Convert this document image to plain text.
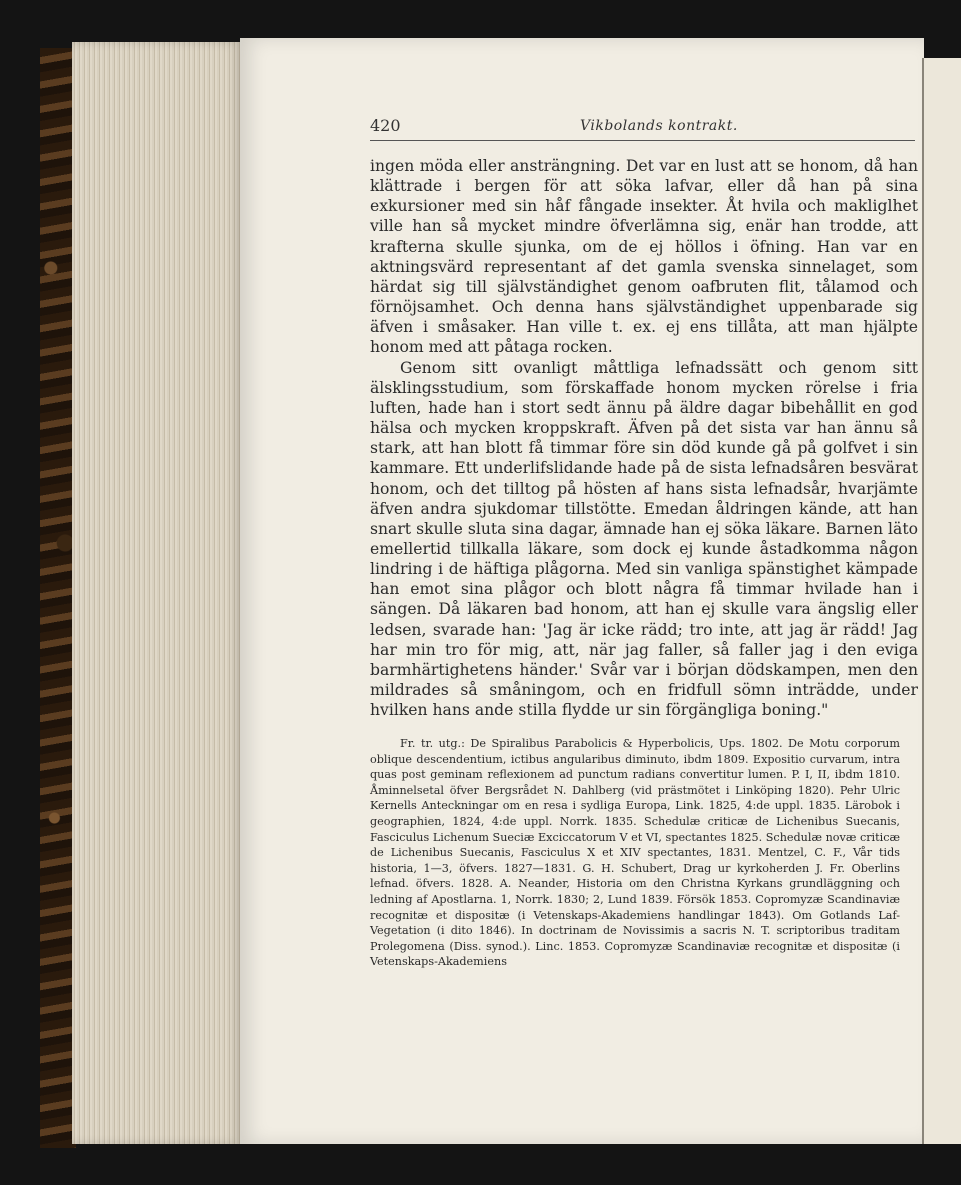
420	Vikbolands kontrakt.

ingen möda eller ansträngning. Det var en lust att se honom, då han klättrade i bergen för att söka lafvar, eller då han på sina exkursioner med sin håf fångade insekter. Åt hvila och makliglhet ville han så mycket mindre öfverlämna sig, enär han trodde, att krafterna skulle sjunka, om de ej höllos i öfning. Han var en aktningsvärd representant af det gamla svenska sinnelaget, som härdat sig till självständighet genom oafbruten flit, tålamod och förnöjsamhet. Och denna hans självständighet uppenbarade sig äfven i småsaker. Han ville t. ex. ej ens tillåta, att man hjälpte honom med att påtaga rocken.

Genom sitt ovanligt måttliga lefnadssätt och genom sitt älsklingsstudium, som förskaffade honom mycken rörelse i fria luften, hade han i stort sedt ännu på äldre dagar bibehållit en god hälsa och mycken kroppskraft. Äfven på det sista var han ännu så stark, att han blott få timmar före sin död kunde gå på golfvet i sin kammare. Ett underlifslidande hade på de sista lefnadsåren besvärat honom, och det tilltog på hösten af hans sista lefnadsår, hvarjämte äfven andra sjukdomar tillstötte. Emedan åldringen kände, att han snart skulle sluta sina dagar, ämnade han ej söka läkare. Barnen läto emellertid tillkalla läkare, som dock ej kunde åstadkomma någon lindring i de häftiga plågorna. Med sin vanliga spänstighet kämpade han emot sina plågor och blott några få timmar hvilade han i sängen. Då läkaren bad honom, att han ej skulle vara ängslig eller ledsen, svarade han: 'Jag är icke rädd; tro inte, att jag är rädd! Jag har min tro för mig, att, när jag faller, så faller jag i den eviga barmhärtighetens händer.' Svår var i början dödskampen, men den mildrades så småningom, och en fridfull sömn inträdde, under hvilken hans ande stilla flydde ur sin förgängliga boning."

Fr. tr. utg.: De Spiralibus Parabolicis & Hyperbolicis, Ups. 1802. De Motu corporum oblique descendentium, ictibus angularibus diminuto, ibdm 1809. Expositio curvarum, intra quas post geminam reflexionem ad punctum radians convertitur lumen. P. I, II, ibdm 1810. Åminnelsetal öfver Bergsrådet N. Dahlberg (vid prästmötet i Linköping 1820). Pehr Ulric Kernells Anteckningar om en resa i sydliga Europa, Link. 1825, 4:de uppl. 1835. Lärobok i geographien, 1824, 4:de uppl. Norrk. 1835. Schedulæ criticæ de Lichenibus Suecanis, Fasciculus Lichenum Sueciæ Exciccatorum V et VI, spectantes 1825. Schedulæ novæ criticæ de Lichenibus Suecanis, Fasciculus X et XIV spectantes, 1831. Mentzel, C. F., Vår tids historia, 1—3, öfvers. 1827—1831. G. H. Schubert, Drag ur kyrkoherden J. Fr. Oberlins lefnad. öfvers. 1828. A. Neander, Historia om den Christna Kyrkans grundläggning och ledning af Apostlarna. 1, Norrk. 1830; 2, Lund 1839. Försök 1853. Copromyzæ Scandinaviæ recognitæ et dispositæ (i Vetenskaps-Akademiens handlingar 1843). Om Gotlands Laf-Vegetation (i dito 1846). In doctrinam de Novissimis a sacris N. T. scriptoribus traditam Prolegomena (Diss. synod.). Linc. 1853. Copromyzæ Scandinaviæ recognitæ et dispositæ (i Vetenskaps-Akademiens
